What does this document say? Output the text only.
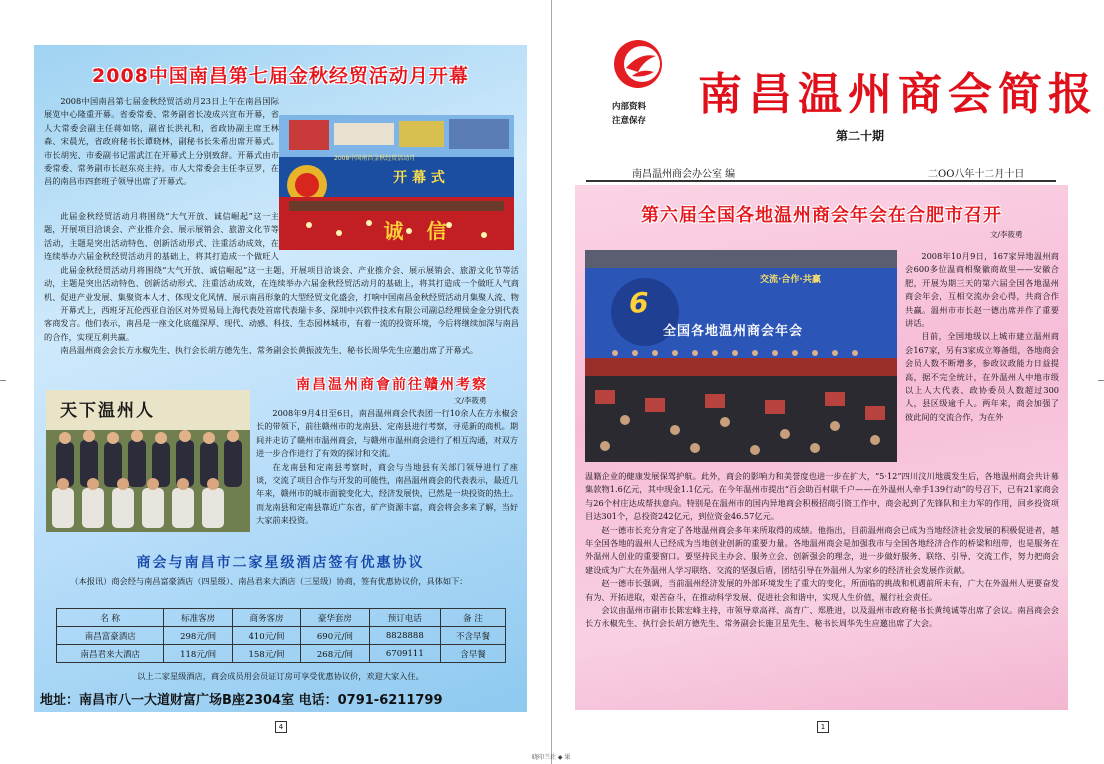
2008中国南昌第七届金秋经贸活动月开幕

2008中国南昌第七届金秋经贸活动月23日上午在南昌国际展览中心隆重开幕。省委常委、常务副省长凌成兴宣布开幕，省人大常委会副主任蒋如铭，副省长洪礼和，省政协副主席王林森、宋晨光，省政府秘书长谭晓林，副秘书长朱希出席开幕式。市长胡宪、市委副书记雷武江在开幕式上分别致辞。开幕式由市委常委、常务副市长赵东亮主持。市人大常委会主任李豆罗，在昌的南昌市四套班子领导出席了开幕式。

此届金秋经贸活动月将围绕“大气开放、诚信崛起”这一主题，开展项目洽谈会、产业推介会、展示展销会、旅游文化节等活动，主题是突出活动特色、创新活动形式、注重活动成效，在连续举办六届金秋经贸活动月的基础上，将其打造成一个做旺人

此届金秋经贸活动月将围绕“大气开放、诚信崛起”这一主题，开展项目洽谈会、产业推介会、展示展销会、旅游文化节等活动，主题是突出活动特色、创新活动形式、注重活动成效，在连续举办六届金秋经贸活动月的基础上，将其打造成一个做旺人气商机、促进产业发展、集聚资本人才、体现文化风情、展示南昌形象的大型经贸文化盛会，打响中国南昌金秋经贸活动月集聚人流、物

开幕式上，西班牙瓦伦西亚自治区对外贸易局上海代表处首席代表瑞卡多、深圳中兴软件技术有限公司副总经理侯金金分别代表客商发言。他们表示，南昌是一座文化底蕴深厚、现代、动感、科技、生态园林城市，有着一流的投资环境，今后将继续加深与南昌的合作，实现互利共赢。

南昌温州商会会长方永椒先生、执行会长胡方德先生、常务副会长黄振波先生、秘书长周华先生应邀出席了开幕式。

2008中国南昌金秋经贸活动月
开 幕 式
诚 信
天下温州人
南昌温州商會前往贛州考察
文/李筱勇

2008年9月4日至6日，南昌温州商会代表团一行10余人在方永椒会长的带领下，前往赣州市的龙南县、定南县进行考察，寻觅新的商机。期间并走访了赣州市温州商会，与赣州市温州商会进行了相互沟通，对双方进一步合作进行了有效的探讨和交流。

在龙南县和定南县考察时，商会与当地县有关部门领导进行了座谈，交流了项目合作与开发的可能性，南昌温州商会的代表表示，最近几年来，赣州市的城市面貌变化大，经济发展快，已然是一块投资的热土。而龙南县和定南县靠近广东省，矿产资源丰富，商会将会多来了解，当好大家前来投资。

商会与南昌市二家星级酒店签有优惠协议

（本报讯）商会经与南昌富豪酒店（四星级）、南昌君来大酒店（三星级）协商，签有优惠协议价，具体如下：

名 称	标准客房	商务客房	豪华套房	预订电话	备 注
南昌富豪酒店	298元/间	410元/间	690元/间	8828888	不含早餐
南昌君来大酒店	118元/间	158元/间	268元/间	6709111	含早餐
以上二家星级酒店，商会成员用会员证订房可享受优惠协议价，欢迎大家入住。
地址：南昌市八一大道财富广场B座2304室 电话：0791-6211799
4
内部资料
注意保存
南昌温州商会简报
第二十期
南昌温州商会办公室 编	二OO八年十二月十日
第六届全国各地温州商会年会在合肥市召开
文/李筱勇
6
交流·合作·共赢
全国各地温州商会年会

2008年10月9日，167家异地温州商会600多位温商相聚徽商故里——安徽合肥，开展为期三天的第六届全国各地温州商会年会，互相交流办会心得，共商合作共赢。温州市市长赵一德出席并作了重要讲话。

目前，全国地级以上城市建立温州商会167家，另有3家成立筹备组，各地商会会员人数不断增多，参政议政能力日益提高，据不完全统计，在外温州人中地市级以上人大代表、政协委员人数超过300人，县区级逾千人。两年来，商会加强了彼此间的交流合作，为在外

温籍企业的健康发展保驾护航。此外，商会的影响力和美誉度也进一步在扩大，“5·12”四川汶川地震发生后，各地温州商会共计募集款物1.6亿元，其中现金1.1亿元。在今年温州市提出“百会助百村联千户——在外温州人牵手139行动”的号召下，已有21家商会与26个村庄达成帮扶意向。特别是在温州市的国内异地商会积极招商引资工作中，商会起到了先锋队和主力军的作用，回乡投资项目达301个，总投资242亿元，到位资金46.57亿元。

赵一德市长充分肯定了各地温州商会多年来所取得的成绩。他指出，目前温州商会已成为当地经济社会发展的积极促进者，越年全国各地的温州人已经成为当地创业创新的重要力量。各地温州商会是加强我市与全国各地经济合作的桥梁和纽带，也是服务在外温州人创业的重要窗口。要坚持民主办会、服务立会、创新强会的理念，进一步做好服务、联络、引导、交流工作，努力把商会建设成为广大在外温州人学习联络、交流的坚强后盾，团结引导在外温州人为家乡的经济社会发展作贡献。

赵一德市长强调，当前温州经济发展的外部环境发生了重大的变化，所面临的挑战和机遇前所未有，广大在外温州人更要奋发有为、开拓进取，艰苦奋斗，在推动科学发展、促进社会和谐中，实现人生价值，履行社会责任。

会议由温州市副市长陈宏峰主持，市领导章高祥、高育广、郑胜进，以及温州市政府秘书长黄纯诚等出席了会议。南昌商会会长方永椒先生、执行会长胡方德先生、常务副会长施卫星先生、秘书长周华先生应邀出席了大会。

1
晓印兰社 ◆ 果
